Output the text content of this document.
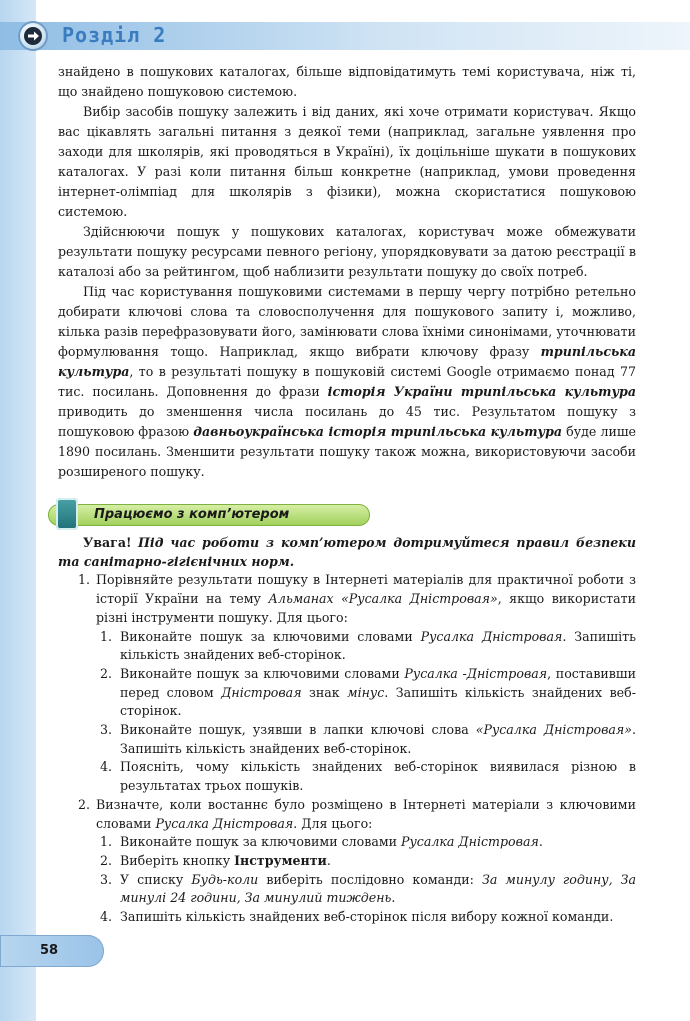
Розділ 2

знайдено в пошукових каталогах, більше відповідатимуть темі користувача, ніж ті, що знайдено пошуковою системою.

Вибір засобів пошуку залежить і від даних, які хоче отримати користувач. Якщо вас цікавлять загальні питання з деякої теми (наприклад, загальне уявлення про заходи для школярів, які проводяться в Україні), їх доцільніше шукати в пошукових каталогах. У разі коли питання більш конкретне (наприклад, умови проведення інтернет-олімпіад для школярів з фізики), можна скористатися пошуковою системою.

Здійснюючи пошук у пошукових каталогах, користувач може обмежувати результати пошуку ресурсами певного регіону, упорядковувати за датою реєстрації в каталозі або за рейтингом, щоб наблизити результати пошуку до своїх потреб.

Під час користування пошуковими системами в першу чергу потрібно ретельно добирати ключові слова та словосполучення для пошукового запиту і, можливо, кілька разів перефразовувати його, замінювати слова їхніми синонімами, уточнювати формулювання тощо. Наприклад, якщо вибрати ключову фразу трипільська культура, то в результаті пошуку в пошуковій системі Google отримаємо понад 77 тис. посилань. Доповнення до фрази історія України трипільська культура приводить до зменшення числа посилань до 45 тис. Результатом пошуку з пошуковою фразою давньоукраїнська історія трипільська культура буде лише 1890 посилань. Зменшити результати пошуку також можна, використовуючи засоби розширеного пошуку.

Працюємо з комп’ютером

Увага! Під час роботи з комп’ютером дотримуйтеся правил безпеки та санітарно-гігієнічних норм.

1. Порівняйте результати пошуку в Інтернеті матеріалів для практичної роботи з історії України на тему Альманах «Русалка Дністровая», якщо використати різні інструменти пошуку. Для цього:
1. Виконайте пошук за ключовими словами Русалка Дністровая. Запишіть кількість знайдених веб-сторінок.
2. Виконайте пошук за ключовими словами Русалка -Дністровая, поставивши перед словом Дністровая знак мінус. Запишіть кількість знайдених веб-сторінок.
3. Виконайте пошук, узявши в лапки ключові слова «Русалка Дністровая». Запишіть кількість знайдених веб-сторінок.
4. Поясніть, чому кількість знайдених веб-сторінок виявилася різною в результатах трьох пошуків.
2. Визначте, коли востаннє було розміщено в Інтернеті матеріали з ключовими словами Русалка Дністровая. Для цього:
1. Виконайте пошук за ключовими словами Русалка Дністровая.
2. Виберіть кнопку Інструменти.
3. У списку Будь-коли виберіть послідовно команди: За минулу годину, За минулі 24 години, За минулий тиждень.
4. Запишіть кількість знайдених веб-сторінок після вибору кожної команди.
58
